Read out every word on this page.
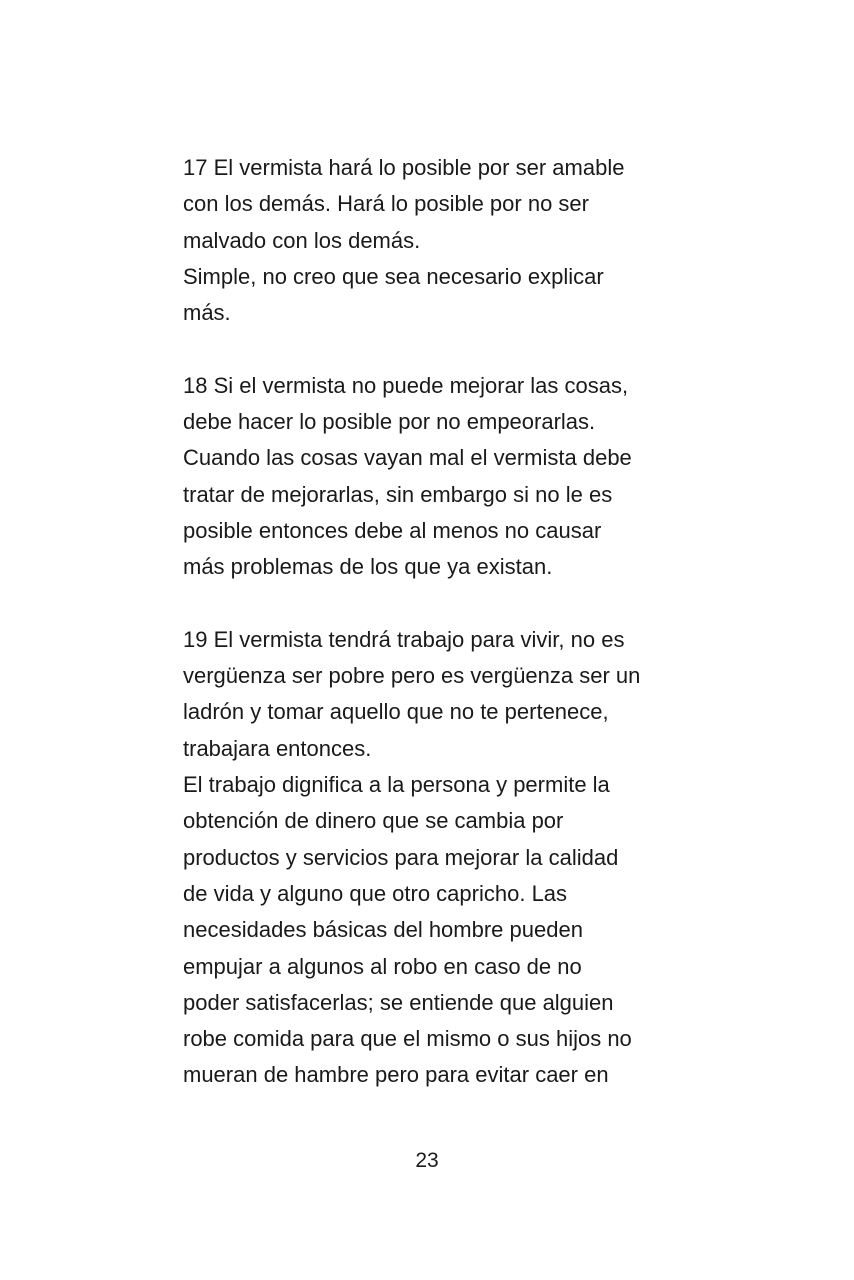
17 El vermista hará lo posible por ser amable
con los demás. Hará lo posible por no ser
malvado con los demás.
Simple, no creo que sea necesario explicar
más.
18 Si el vermista no puede mejorar las cosas,
debe hacer lo posible por no empeorarlas.
Cuando las cosas vayan mal el vermista debe
tratar de mejorarlas, sin embargo si no le es
posible entonces debe al menos no causar
más problemas de los que ya existan.
19 El vermista tendrá trabajo para vivir, no es
vergüenza ser pobre pero es vergüenza ser un
ladrón y tomar aquello que no te pertenece,
trabajara entonces.
El trabajo dignifica a la persona y permite la
obtención de dinero que se cambia por
productos y servicios para mejorar la calidad
de vida y alguno que otro capricho. Las
necesidades básicas del hombre pueden
empujar a algunos al robo en caso de no
poder satisfacerlas; se entiende que alguien
robe comida para que el mismo o sus hijos no
mueran de hambre pero para evitar caer en
23
